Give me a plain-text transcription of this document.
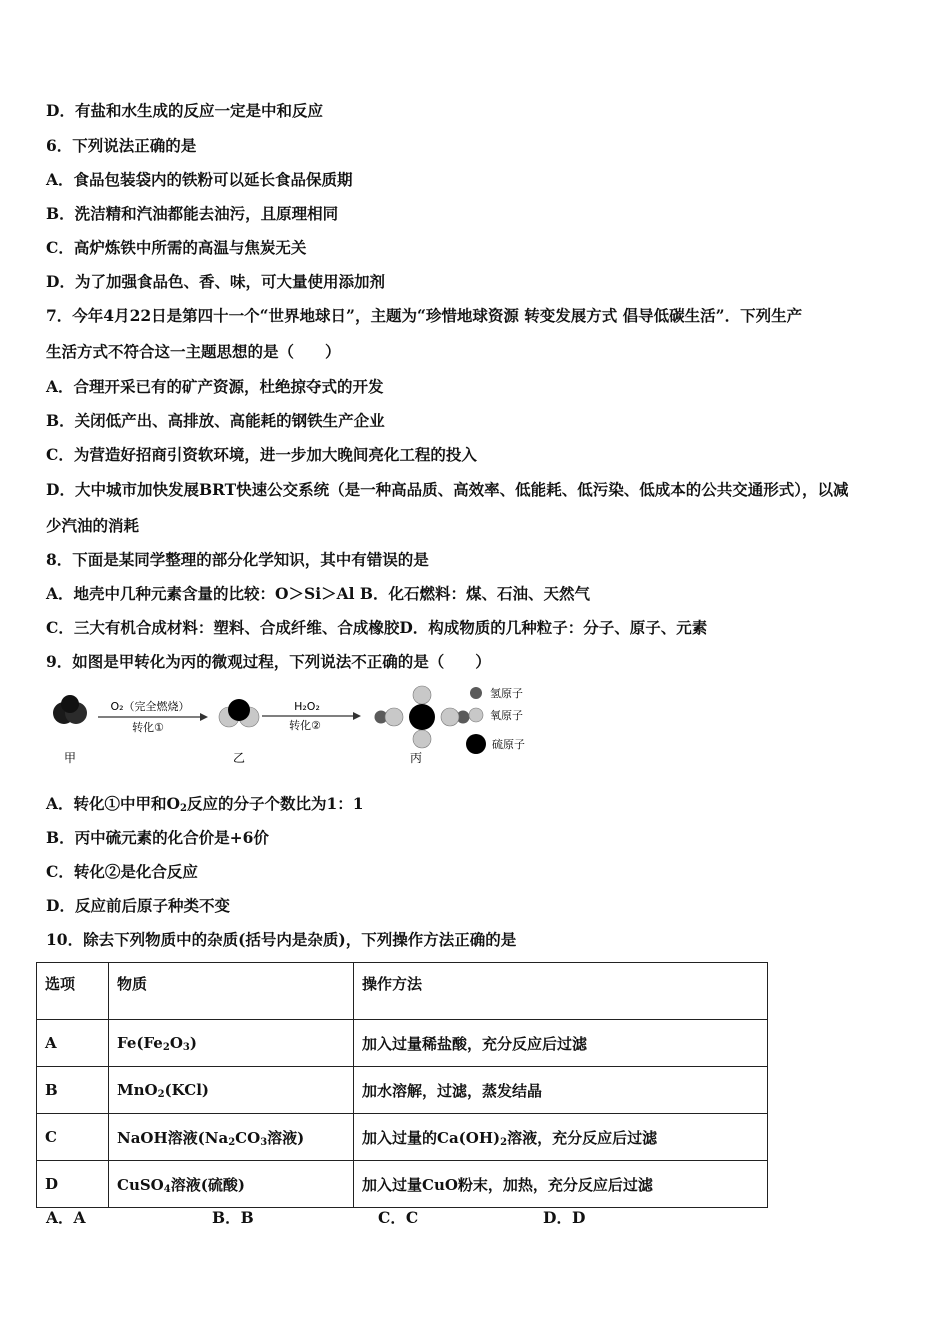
D．有盐和水生成的反应一定是中和反应
6．下列说法正确的是
A．食品包装袋内的铁粉可以延长食品保质期
B．洗洁精和汽油都能去油污，且原理相同
C．高炉炼铁中所需的高温与焦炭无关
D．为了加强食品色、香、味，可大量使用添加剂
7．今年4月22日是第四十一个“世界地球日”，主题为“珍惜地球资源 转变发展方式 倡导低碳生活”．下列生产
生活方式不符合这一主题思想的是（　　）
A．合理开采已有的矿产资源，杜绝掠夺式的开发
B．关闭低产出、高排放、高能耗的钢铁生产企业
C．为营造好招商引资软环境，进一步加大晚间亮化工程的投入
D．大中城市加快发展BRT快速公交系统（是一种高品质、高效率、低能耗、低污染、低成本的公共交通形式），以减
少汽油的消耗
8．下面是某同学整理的部分化学知识，其中有错误的是
A．地壳中几种元素含量的比较：O＞Si＞Al B．化石燃料：煤、石油、天然气
C．三大有机合成材料：塑料、合成纤维、合成橡胶D．构成物质的几种粒子：分子、原子、元素
9．如图是甲转化为丙的微观过程，下列说法不正确的是（　　）
甲
O₂（完全燃烧）
转化①
乙
H₂O₂
转化②
丙
氢原子
氧原子
硫原子
A．转化①中甲和$O_2$反应的分子个数比为1：1
B．丙中硫元素的化合价是+6价
C．转化②是化合反应
D．反应前后原子种类不变
10．除去下列物质中的杂质(括号内是杂质)，下列操作方法正确的是
选项	物质	操作方法
A	$Fe(Fe_2O_3)$	加入过量稀盐酸，充分反应后过滤
B	MnO$_2$(KCl)	加水溶解，过滤，蒸发结晶
C	NaOH溶液($Na_2CO_3$溶液)	加入过量的$Ca(OH)_2$溶液，充分反应后过滤
D	CuSO$_4$溶液(硫酸)	加入过量CuO粉末，加热，充分反应后过滤
A．A	B．B	C．C	D．D
